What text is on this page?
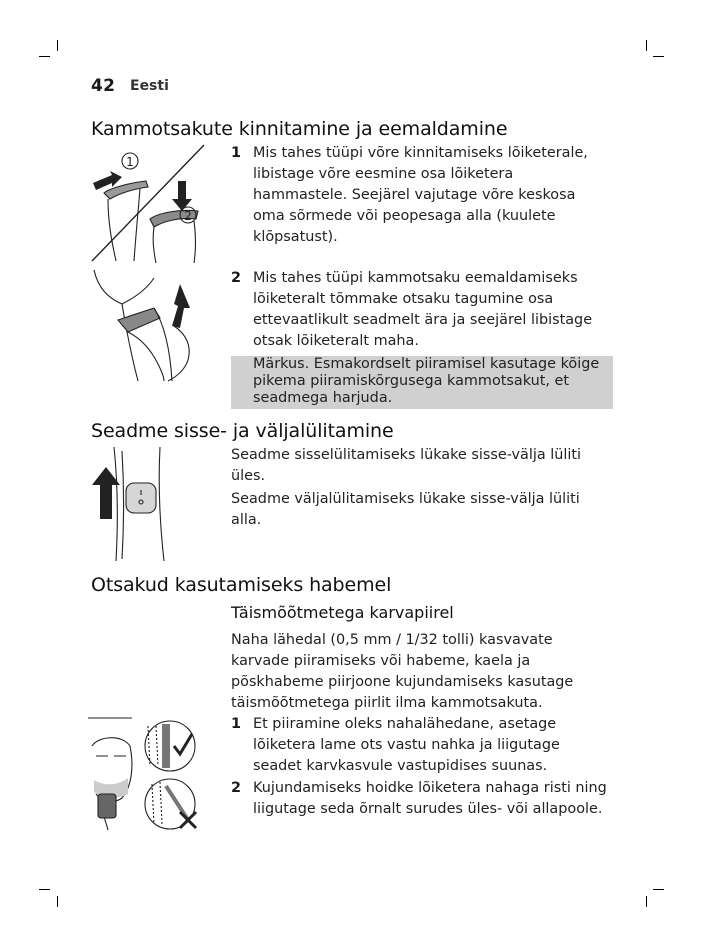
42 Eesti
Kammotsakute kinnitamine ja eemaldamine
1
2
1 Mis tahes tüüpi võre kinnitamiseks lõiketerale, libistage võre eesmine osa lõiketera hammastele. Seejärel vajutage võre keskosa oma sõrmede või peopesaga alla (kuulete klõpsatust).
2 Mis tahes tüüpi kammotsaku eemaldamiseks lõiketeralt tõmmake otsaku tagumine osa ettevaatlikult seadmelt ära ja seejärel libistage otsak lõiketeralt maha.
Märkus. Esmakordselt piiramisel kasutage kõige pikema piiramiskõrgusega kammotsakut, et seadmega harjuda.
Seadme sisse- ja väljalülitamine
Seadme sisselülitamiseks lükake sisse-välja lüliti üles.
Seadme väljalülitamiseks lükake sisse-välja lüliti alla.
Otsakud kasutamiseks habemel
Täismõõtmetega karvapiirel
Naha lähedal (0,5 mm / 1/32 tolli) kasvavate karvade piiramiseks või habeme, kaela ja põskhabeme piirjoone kujundamiseks kasutage täismõõtmetega piirlit ilma kammotsakuta.
1 Et piiramine oleks nahalähedane, asetage lõiketera lame ots vastu nahka ja liigutage seadet karvkasvule vastupidises suunas.
2 Kujundamiseks hoidke lõiketera nahaga risti ning liigutage seda õrnalt surudes üles- või allapoole.
